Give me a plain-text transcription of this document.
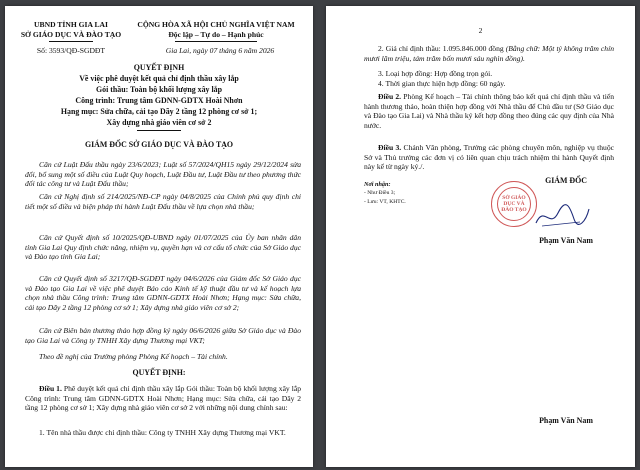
UBND TỈNH GIA LAI
SỞ GIÁO DỤC VÀ ĐÀO TẠO
Số: 3593/QĐ-SGDĐT
CỘNG HÒA XÃ HỘI CHỦ NGHĨA VIỆT NAM
Độc lập – Tự do – Hạnh phúc
Gia Lai, ngày 07 tháng 6 năm 2026
QUYẾT ĐỊNH
Về việc phê duyệt kết quả chỉ định thầu xây lắp
Gói thầu: Toàn bộ khối lượng xây lắp
Công trình: Trung tâm GDNN-GDTX Hoài Nhơn
Hạng mục: Sửa chữa, cải tạo Dãy 2 tầng 12 phòng cơ sở 1;
Xây dựng nhà giáo viên cơ sở 2
GIÁM ĐỐC SỞ GIÁO DỤC VÀ ĐÀO TẠO
Căn cứ Luật Đấu thầu ngày 23/6/2023; Luật số 57/2024/QH15 ngày 29/12/2024 sửa đổi, bổ sung một số điều của Luật Quy hoạch, Luật Đầu tư, Luật Đầu tư theo phương thức đối tác công tư và Luật Đấu thầu;
Căn cứ Nghị định số 214/2025/NĐ-CP ngày 04/8/2025 của Chính phủ quy định chi tiết một số điều và biện pháp thi hành Luật Đấu thầu về lựa chọn nhà thầu;
Căn cứ Quyết định số 10/2025/QĐ-UBND ngày 01/07/2025 của Ủy ban nhân dân tỉnh Gia Lai Quy định chức năng, nhiệm vụ, quyền hạn và cơ cấu tổ chức của Sở Giáo dục và Đào tạo tỉnh Gia Lai;
Căn cứ Quyết định số 3217/QĐ-SGDĐT ngày 04/6/2026 của Giám đốc Sở Giáo dục và Đào tạo Gia Lai về việc phê duyệt Báo cáo Kinh tế kỹ thuật đầu tư và kế hoạch lựa chọn nhà thầu Công trình: Trung tâm GDNN-GDTX Hoài Nhơn; Hạng mục: Sửa chữa, cải tạo Dãy 2 tầng 12 phòng cơ sở 1; Xây dựng nhà giáo viên cơ sở 2;
Căn cứ Biên bản thương thảo hợp đồng ký ngày 06/6/2026 giữa Sở Giáo dục và Đào tạo Gia Lai và Công ty TNHH Xây dựng Thương mại VKT;
Theo đề nghị của Trưởng phòng Phòng Kế hoạch – Tài chính.
QUYẾT ĐỊNH:
Điều 1. Phê duyệt kết quả chỉ định thầu xây lắp Gói thầu: Toàn bộ khối lượng xây lắp Công trình: Trung tâm GDNN-GDTX Hoài Nhơn; Hạng mục: Sửa chữa, cải tạo Dãy 2 tầng 12 phòng cơ sở 1; Xây dựng nhà giáo viên cơ sở 2 với những nội dung chính sau:
1. Tên nhà thầu được chỉ định thầu: Công ty TNHH Xây dựng Thương mại VKT.
2
2. Giá chỉ định thầu: 1.095.846.000 đồng (Bằng chữ: Một tỷ không trăm chín mươi lăm triệu, tám trăm bốn mươi sáu nghìn đồng).
3. Loại hợp đồng: Hợp đồng trọn gói.
4. Thời gian thực hiện hợp đồng: 60 ngày.
Điều 2. Phòng Kế hoạch – Tài chính thông báo kết quả chỉ định thầu và tiến hành thương thảo, hoàn thiện hợp đồng với Nhà thầu để Chủ đầu tư (Sở Giáo dục và Đào tạo Gia Lai) và Nhà thầu ký kết hợp đồng theo đúng các quy định của Nhà nước.
Điều 3. Chánh Văn phòng, Trưởng các phòng chuyên môn, nghiệp vụ thuộc Sở và Thủ trưởng các đơn vị có liên quan chịu trách nhiệm thi hành Quyết định này kể từ ngày ký./.
Nơi nhận:
- Như Điều 3;
- Lưu: VT, KHTC.
GIÁM ĐỐC
SỞ GIÁO DỤC VÀ ĐÀO TẠO
Phạm Văn Nam
Phạm Văn Nam
